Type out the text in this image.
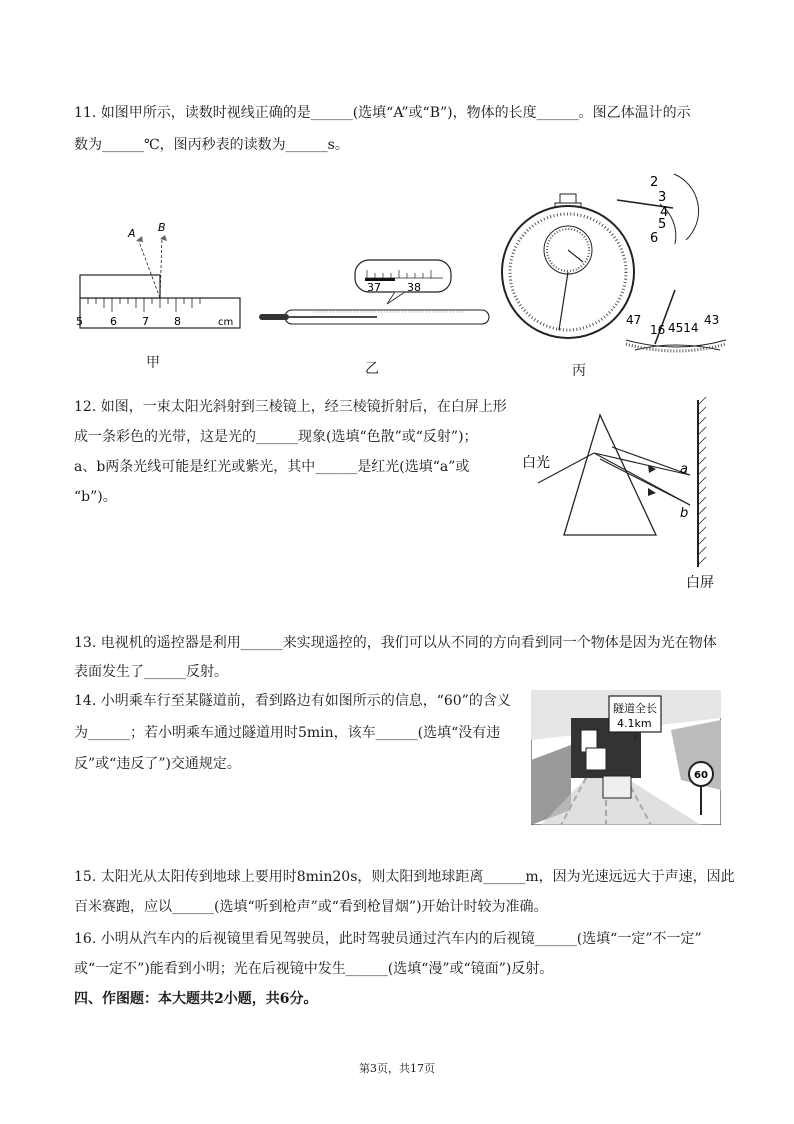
11. 如图甲所示，读数时视线正确的是______(选填“A”或“B”)，物体的长度______。图乙体温计的示
数为______℃，图丙秒表的读数为______s。
5 6 7 8	cm
A B
甲
37 38
乙
2
3
4
5
6
47
16 4514
43
丙
12. 如图，一束太阳光斜射到三棱镜上，经三棱镜折射后，在白屏上形
成一条彩色的光带，这是光的______现象(选填“色散”或“反射”)；
a、b两条光线可能是红光或紫光，其中______是红光(选填“a”或
“b”)。
白光	a
b
白屏
13. 电视机的遥控器是利用______来实现遥控的，我们可以从不同的方向看到同一个物体是因为光在物体
表面发生了______反射。
14. 小明乘车行至某隧道前，看到路边有如图所示的信息，“60”的含义
为______；若小明乘车通过隧道用时5min，该车______(选填“没有违
反”或“违反了”)交通规定。
隧道全长
4.1km
60
15. 太阳光从太阳传到地球上要用时8min20s，则太阳到地球距离______m，因为光速远远大于声速，因此
百米赛跑，应以______(选填“听到枪声”或“看到枪冒烟”)开始计时较为准确。
16. 小明从汽车内的后视镜里看见驾驶员，此时驾驶员通过汽车内的后视镜______(选填“一定”不一定”
或“一定不”)能看到小明；光在后视镜中发生______(选填“漫”或“镜面”)反射。
四、作图题：本大题共2小题，共6分。
第3页，共17页
